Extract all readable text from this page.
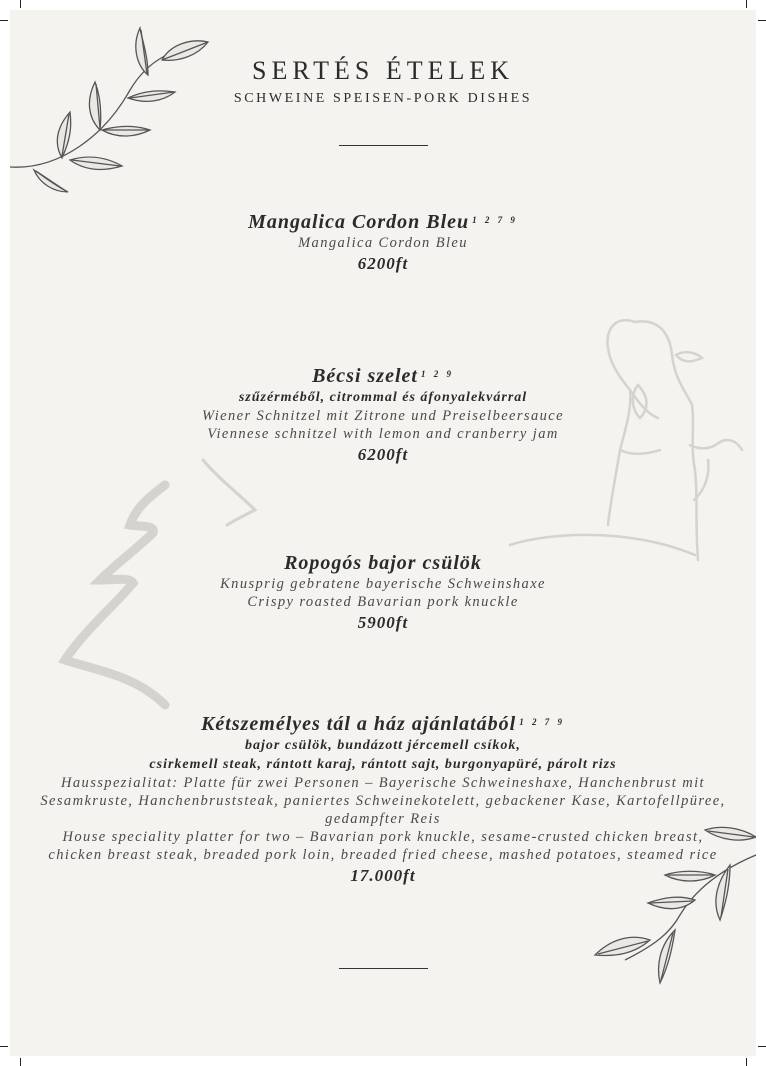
SERTÉS ÉTELEK
SCHWEINE SPEISEN-PORK DISHES
Mangalica Cordon Bleu $^{1 2 7 9}$
Mangalica Cordon Bleu
6200ft
Bécsi szelet $^{1 2 9}$
szűzérméből, citrommal és áfonyalekvárral
Wiener Schnitzel mit Zitrone und Preiselbeersauce
Viennese schnitzel with lemon and cranberry jam
6200ft
Ropogós bajor csülök
Knusprig gebratene bayerische Schweinshaxe
Crispy roasted Bavarian pork knuckle
5900ft
Kétszemélyes tál a ház ajánlatából $^{1 2 7 9}$
bajor csülök, bundázott jércemell csíkok,
csirkemell steak, rántott karaj, rántott sajt, burgonyapüré, párolt rizs
Hausspezialitat: Platte für zwei Personen – Bayerische Schweineshaxe, Hanchenbrust mit Sesamkruste, Hanchenbruststeak, paniertes Schweinekotelett, gebackener Kase, Kartofellpüree, gedampfter Reis
House speciality platter for two – Bavarian pork knuckle, sesame-crusted chicken breast, chicken breast steak, breaded pork loin, breaded fried cheese, mashed potatoes, steamed rice
17.000ft
